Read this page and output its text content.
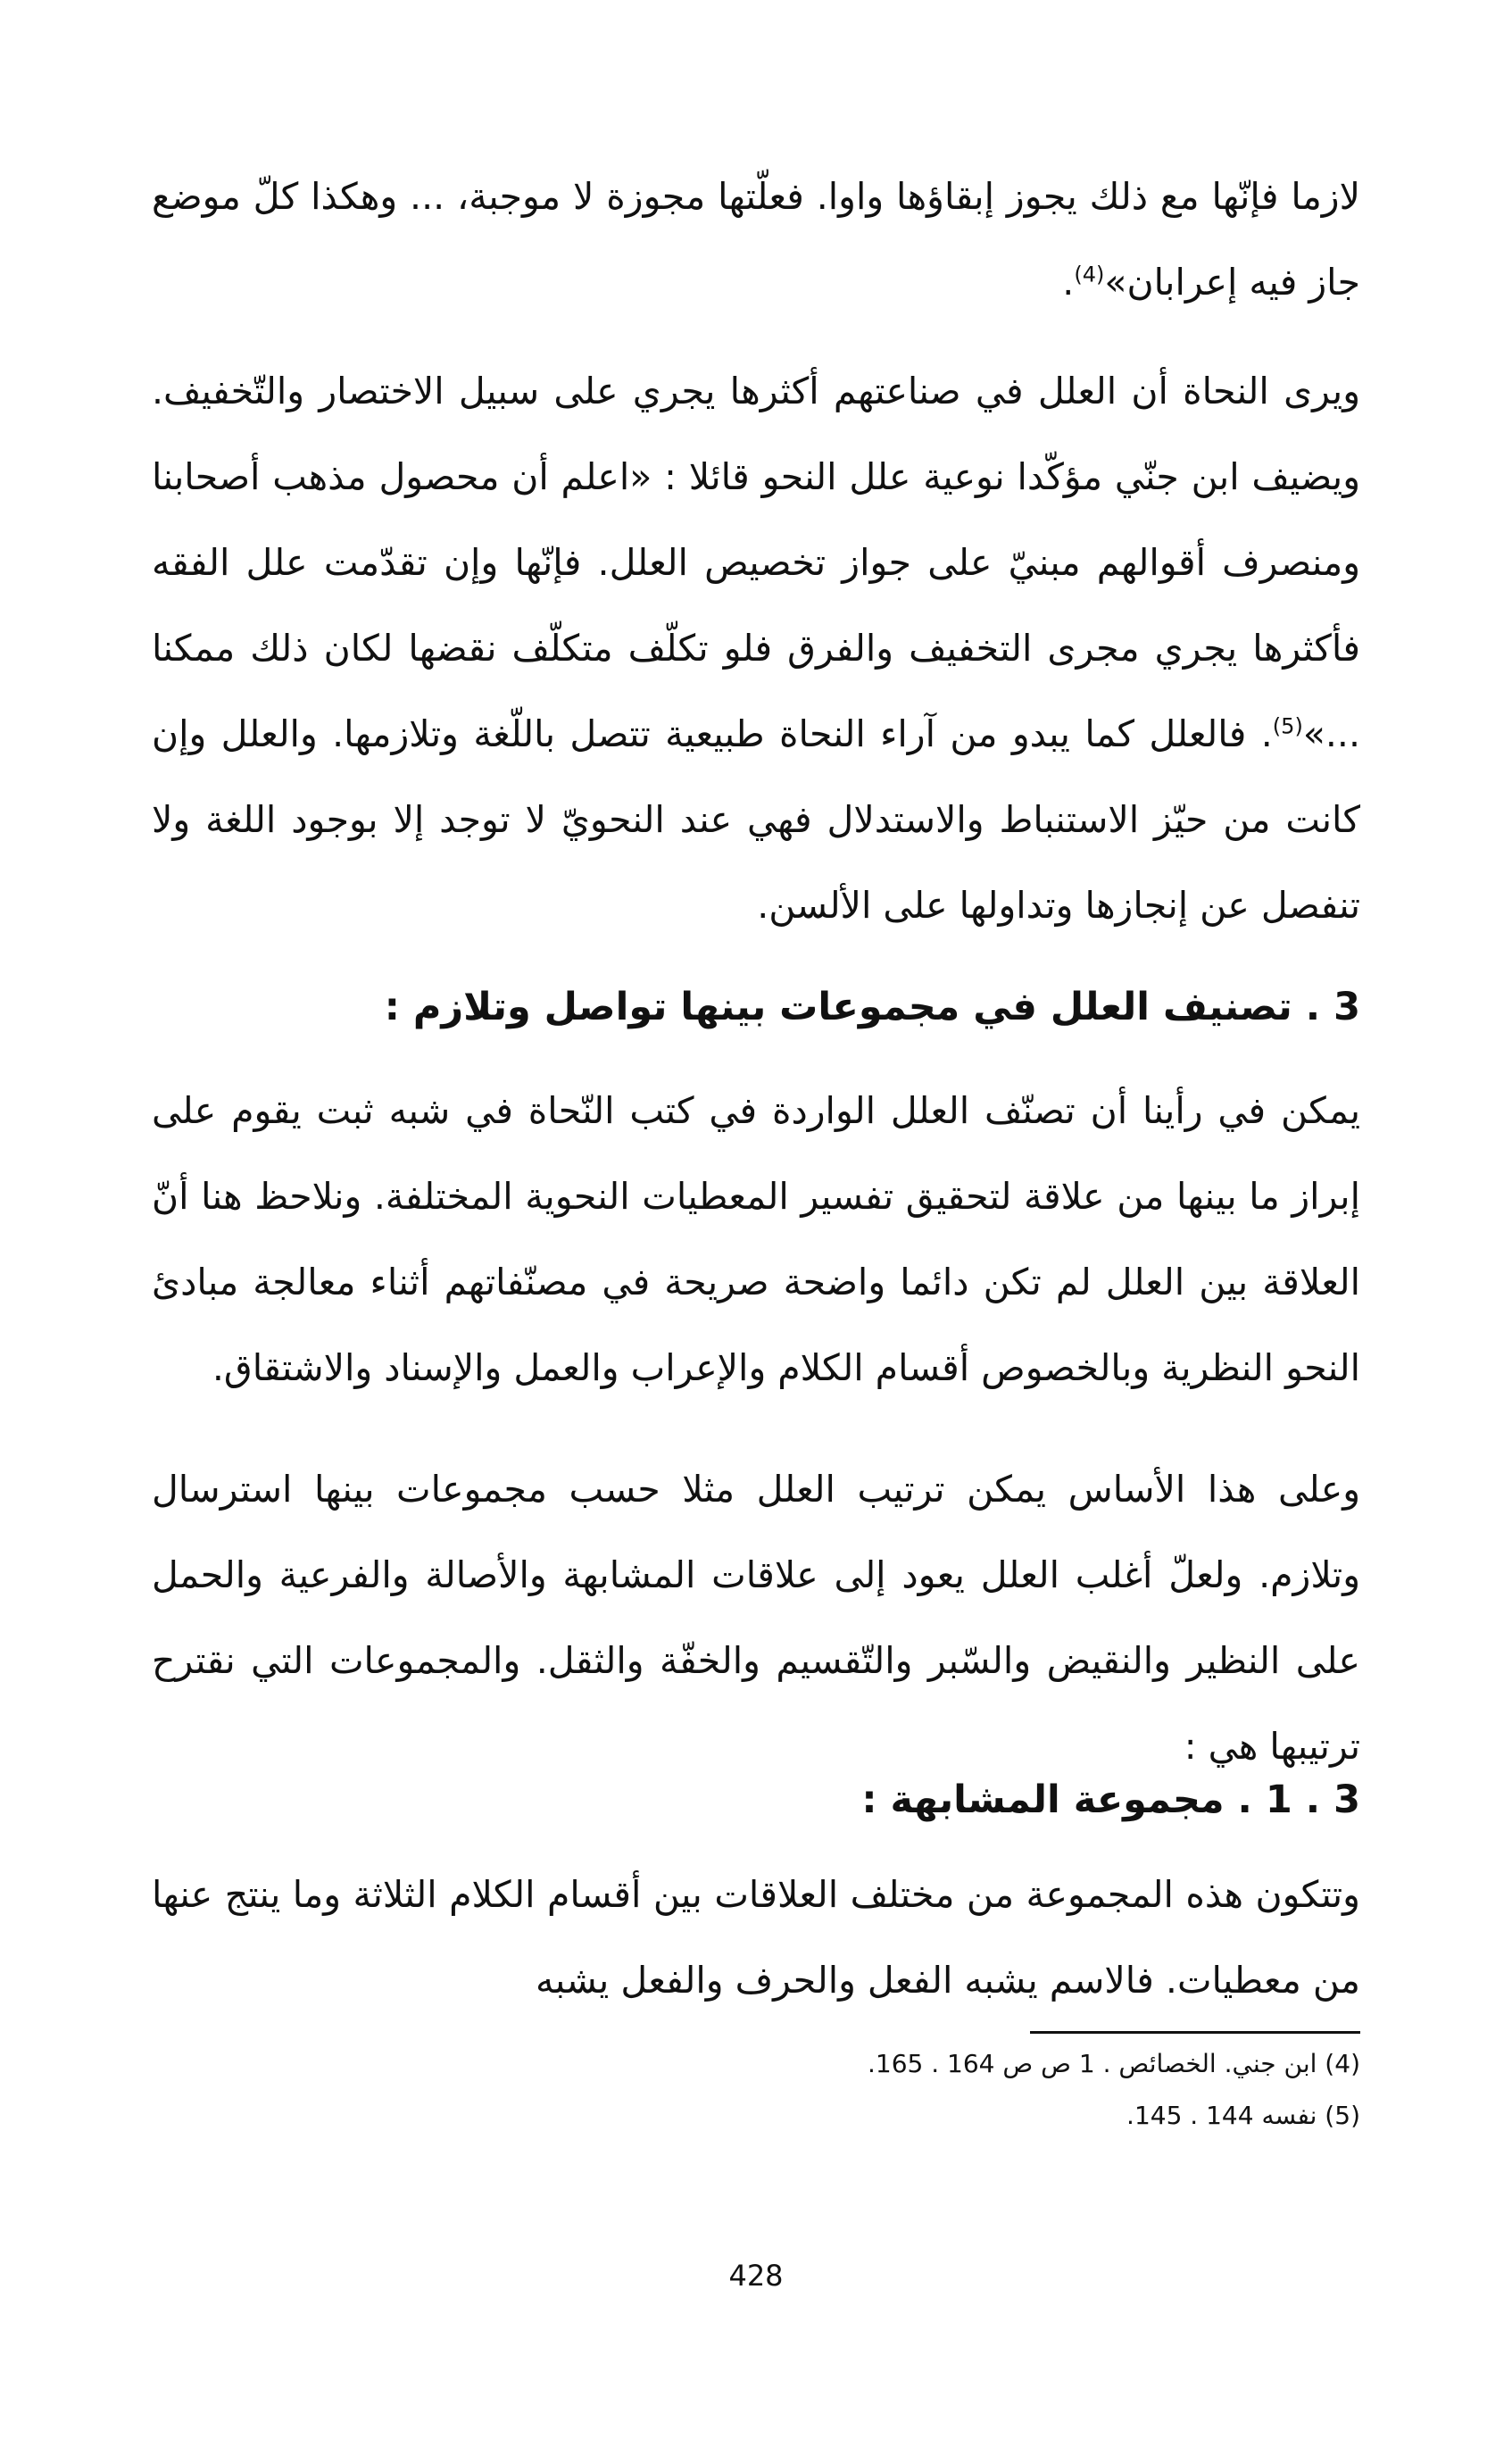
لازما فإنّها مع ذلك يجوز إبقاؤها واوا. فعلّتها مجوزة لا موجبة، ... وهكذا كلّ موضع جاز فيه إعرابان»$^{(4)}$.

ويرى النحاة أن العلل في صناعتهم أكثرها يجري على سبيل الاختصار والتّخفيف. ويضيف ابن جنّي مؤكّدا نوعية علل النحو قائلا : «اعلم أن محصول مذهب أصحابنا ومنصرف أقوالهم مبنيّ على جواز تخصيص العلل. فإنّها وإن تقدّمت علل الفقه فأكثرها يجري مجرى التخفيف والفرق فلو تكلّف متكلّف نقضها لكان ذلك ممكنا ...»$^{(5)}$. فالعلل كما يبدو من آراء النحاة طبيعية تتصل باللّغة وتلازمها. والعلل وإن كانت من حيّز الاستنباط والاستدلال فهي عند النحويّ لا توجد إلا بوجود اللغة ولا تنفصل عن إنجازها وتداولها على الألسن.

3 . تصنيف العلل في مجموعات بينها تواصل وتلازم :

يمكن في رأينا أن تصنّف العلل الواردة في كتب النّحاة في شبه ثبت يقوم على إبراز ما بينها من علاقة لتحقيق تفسير المعطيات النحوية المختلفة. ونلاحظ هنا أنّ العلاقة بين العلل لم تكن دائما واضحة صريحة في مصنّفاتهم أثناء معالجة مبادئ النحو النظرية وبالخصوص أقسام الكلام والإعراب والعمل والإسناد والاشتقاق.

وعلى هذا الأساس يمكن ترتيب العلل مثلا حسب مجموعات بينها استرسال وتلازم. ولعلّ أغلب العلل يعود إلى علاقات المشابهة والأصالة والفرعية والحمل على النظير والنقيض والسّبر والتّقسيم والخفّة والثقل. والمجموعات التي نقترح ترتيبها هي :

3 . 1 . مجموعة المشابهة :

وتتكون هذه المجموعة من مختلف العلاقات بين أقسام الكلام الثلاثة وما ينتج عنها من معطيات. فالاسم يشبه الفعل والحرف والفعل يشبه

(4) ابن جني. الخصائص . 1 ص ص 164 . 165.

(5) نفسه 144 . 145.

428
